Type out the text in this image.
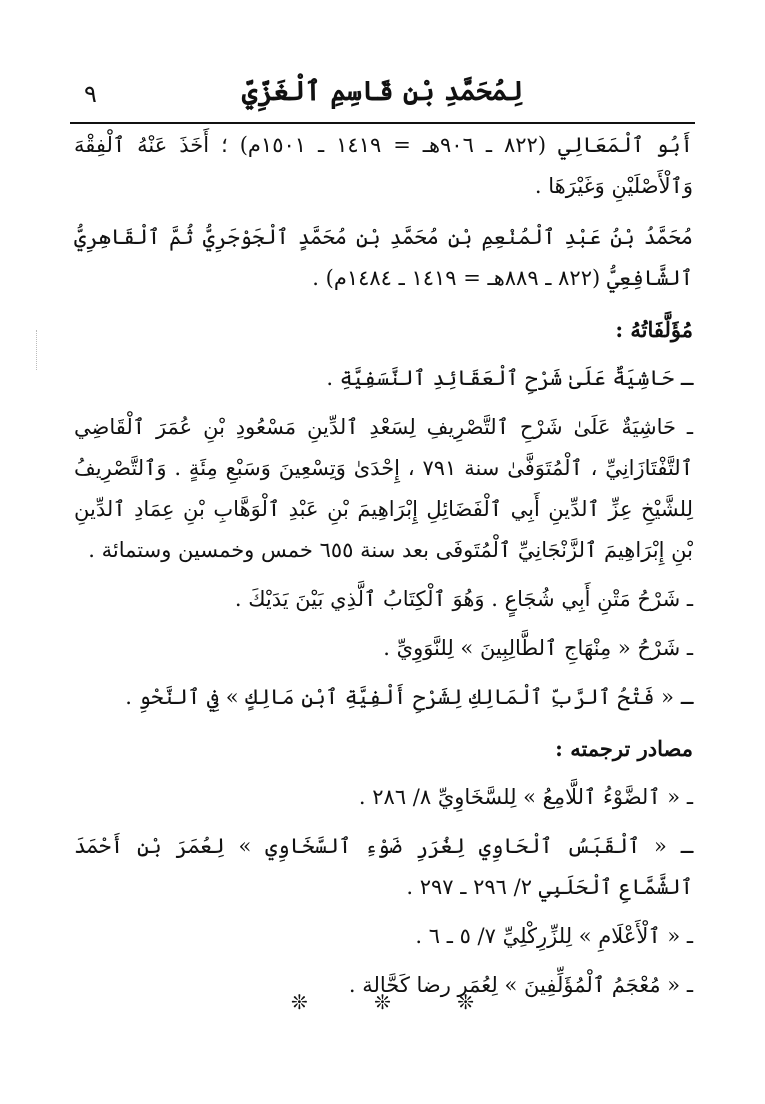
لِمُحَمَّدِ بْنِ قَاسِمِ ٱلْغَزِّيِّ
٩

أَبُو ٱلْمَعَالِي (٨٢٢ ـ ٩٠٦هـ = ١٤١٩ ـ ١٥٠١م) ؛ أَخَذَ عَنْهُ ٱلْفِقْهَ وَٱلْأَصْلَيْنِ وَغَيْرَهَا .

مُحَمَّدُ بْنُ عَبْدِ ٱلْمُنْعِمِ بْنِ مُحَمَّدِ بْنِ مُحَمَّدٍ ٱلْجَوْجَرِيُّ ثُمَّ ٱلْقَاهِرِيُّ ٱلشَّافِعِيُّ (٨٢٢ ـ ٨٨٩هـ = ١٤١٩ ـ ١٤٨٤م) .

مُؤَلَّفَاتُهُ :
ـ حَاشِيَةٌ عَلَىٰ شَرْحِ ٱلْعَقَائِدِ ٱلنَّسَفِيَّةِ .
ـ حَاشِيَةٌ عَلَىٰ شَرْحِ ٱلتَّصْرِيفِ لِسَعْدِ ٱلدِّينِ مَسْعُودِ بْنِ عُمَرَ ٱلْقَاضِي ٱلتَّفْتَازَانِيِّ ، ٱلْمُتَوَفَّىٰ سنة ٧٩١ ، إِحْدَىٰ وَتِسْعِينَ وَسَبْعِ مِئَةٍ . وَٱلتَّصْرِيفُ لِلشَّيْخِ عِزِّ ٱلدِّينِ أَبِي ٱلْفَضَائِلِ إِبْرَاهِيمَ بْنِ عَبْدِ ٱلْوَهَّابِ بْنِ عِمَادِ ٱلدِّينِ بْنِ إِبْرَاهِيمَ ٱلزَّنْجَانِيِّ ٱلْمُتَوفَى بعد سنة ٦٥٥ خمس وخمسين وستمائة .
ـ شَرْحُ مَتْنِ أَبِي شُجَاعٍ . وَهُوَ ٱلْكِتَابُ ٱلَّذِي بَيْنَ يَدَيْكَ .
ـ شَرْحُ « مِنْهَاجِ ٱلطَّالِبِينَ » لِلنَّوَوِيِّ .
ـ « فَتْحُ ٱلرَّبِّ ٱلْمَالِكِ لِشَرْحِ أَلْفِيَّةِ ٱبْنِ مَالِكٍ » فِي ٱلنَّحْوِ .
مصادر ترجمته :
ـ « ٱلضَّوْءُ ٱللَّامِعُ » لِلسَّخَاوِيِّ ٨/ ٢٨٦ .
ـ « ٱلْقَبَسُ ٱلْحَاوِي لِغُرَرِ ضَوْءِ ٱلسَّخَاوِي » لِعُمَرَ بْنِ أَحْمَدَ ٱلشَّمَّاعِ ٱلْحَلَبِي ٢/ ٢٩٦ ـ ٢٩٧ .
ـ « ٱلْأَعْلَامِ » لِلزِّرِكْلِيِّ ٧/ ٥ ـ ٦ .
ـ « مُعْجَمُ ٱلْمُؤَلِّفِينَ » لِعُمَر رضا كَحَّالة .
❊	❊	❊
